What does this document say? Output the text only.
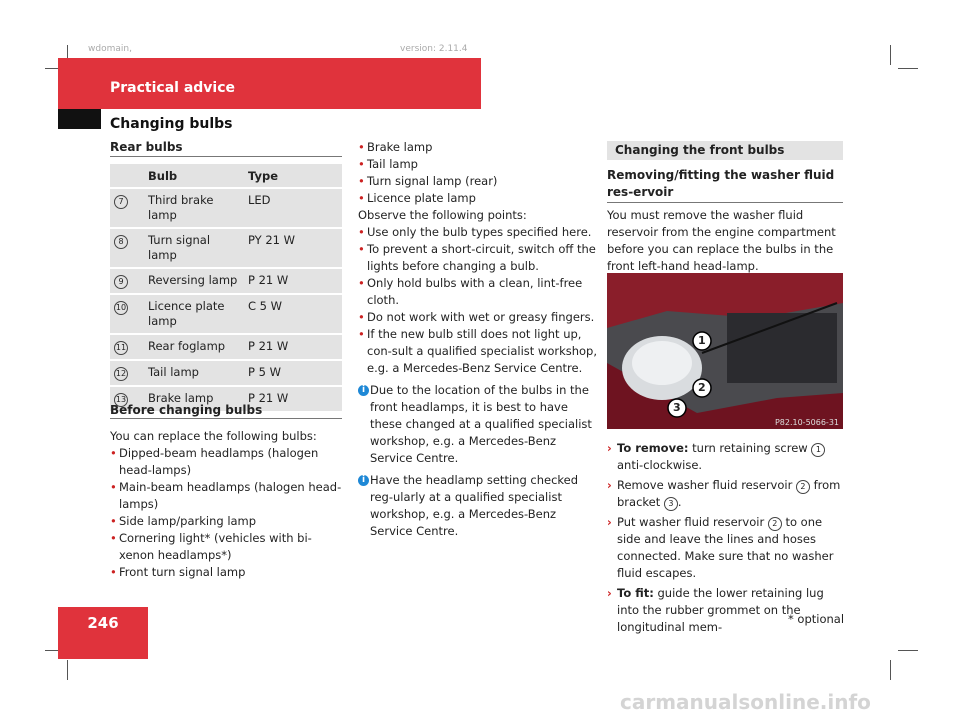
wdomain,	version: 2.11.4
Practical advice
Changing bulbs
Rear bulbs
	Bulb	Type
7	Third brake lamp	LED
8	Turn signal lamp	PY 21 W
9	Reversing lamp	P 21 W
10	Licence plate lamp	C 5 W
11	Rear foglamp	P 21 W
12	Tail lamp	P 5 W
13	Brake lamp	P 21 W
Before changing bulbs
You can replace the following bulbs:
• Dipped-beam headlamps (halogen head-lamps)
• Main-beam headlamps (halogen head-lamps)
• Side lamp/parking lamp
• Cornering light* (vehicles with bi-xenon headlamps*)
• Front turn signal lamp
• Brake lamp
• Tail lamp
• Turn signal lamp (rear)
• Licence plate lamp
Observe the following points:
• Use only the bulb types specified here.
• To prevent a short-circuit, switch off the lights before changing a bulb.
• Only hold bulbs with a clean, lint-free cloth.
• Do not work with wet or greasy fingers.
• If the new bulb still does not light up, con-sult a qualified specialist workshop, e.g. a Mercedes-Benz Service Centre.
i Due to the location of the bulbs in the front headlamps, it is best to have these changed at a qualified specialist workshop, e.g. a Mercedes-Benz Service Centre.
i Have the headlamp setting checked reg-ularly at a qualified specialist workshop, e.g. a Mercedes-Benz Service Centre.
Changing the front bulbs
Removing/fitting the washer fluid res-ervoir
You must remove the washer fluid reservoir from the engine compartment before you can replace the bulbs in the front left-hand head-lamp.
1
2
3
P82.10-5066-31
› To remove: turn retaining screw 1 anti-clockwise.
› Remove washer fluid reservoir 2 from bracket 3 .
› Put washer fluid reservoir 2 to one side and leave the lines and hoses connected. Make sure that no washer fluid escapes.
› To fit: guide the lower retaining lug into the rubber grommet on the longitudinal mem-
246	* optional
carmanualsonline.info
